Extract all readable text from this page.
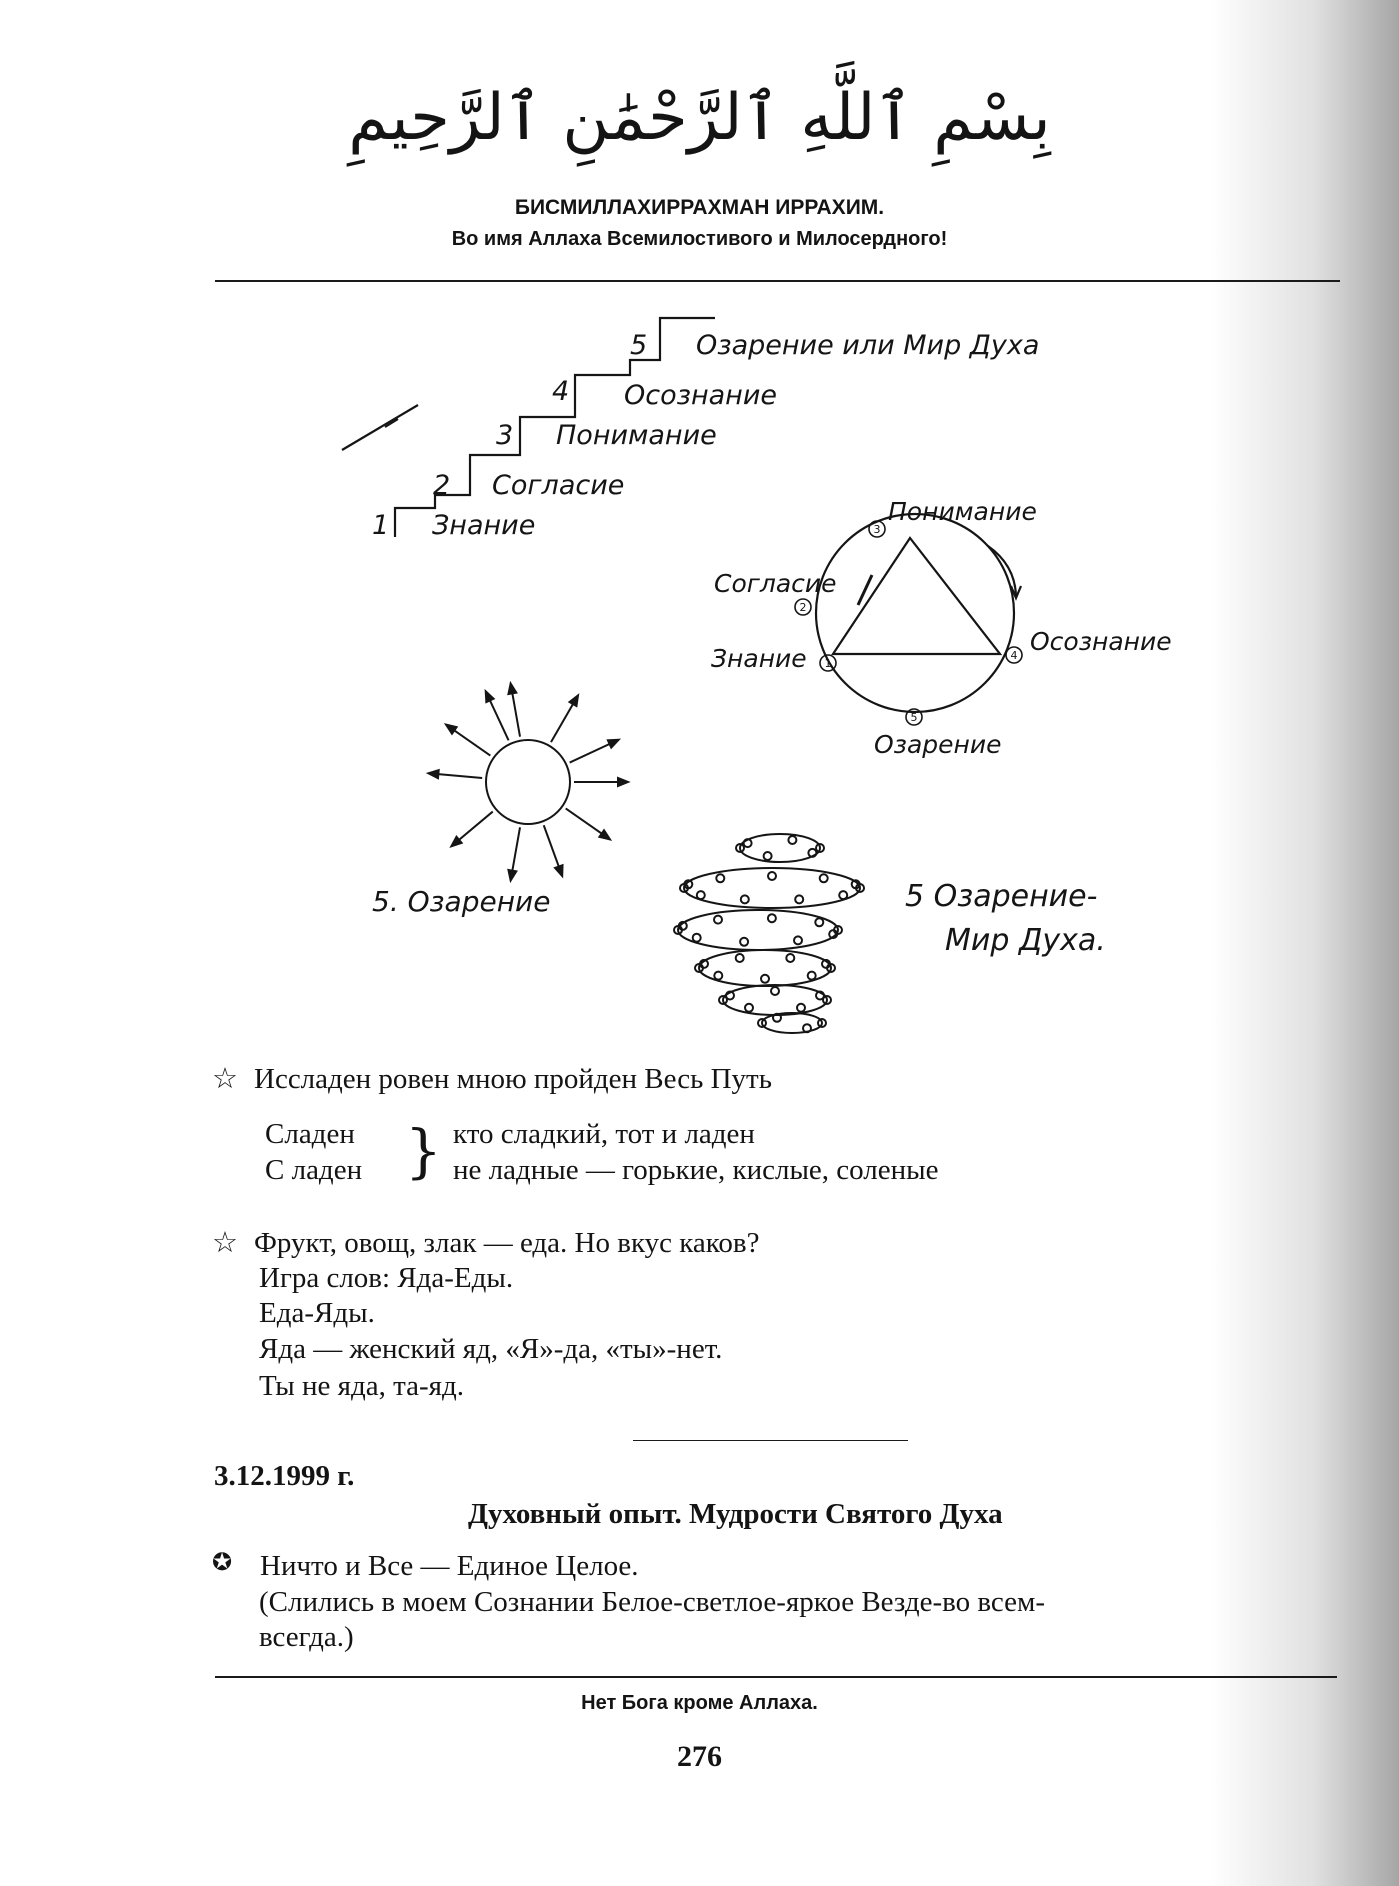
بِسْمِ ٱللَّهِ ٱلرَّحْمَٰنِ ٱلرَّحِيمِ
БИСМИЛЛАХИРРАХМАН ИРРАХИМ.
Во имя Аллаха Всемилостивого и Милосердного!
1 Знание
2 Согласие
3 Понимание
4 Осознание
5 Озарение или Мир Духа
1
2
3
4
5
Знание
Согласие
Понимание
Осознание
Озарение
5. Озарение	5 Озарение-
Мир Духа.
☆ Исcладен ровен мною пройден Весь Путь
Сладен
С ладен } кто сладкий, тот и ладен
не ладные — горькие, кислые, соленые
☆ Фрукт, овощ, злак — еда. Но вкус каков?
Игра слов: Яда-Еды.
Еда-Яды.
Яда — женский яд, «Я»-да, «ты»-нет.
Ты не яда, та-яд.
3.12.1999 г.
Духовный опыт. Мудрости Святого Духа
✪ Ничто и Все — Единое Целое.
(Слились в моем Сознании Белое-светлое-яркое Везде-во всем-
всегда.)
Нет Бога кроме Аллаха.
276
